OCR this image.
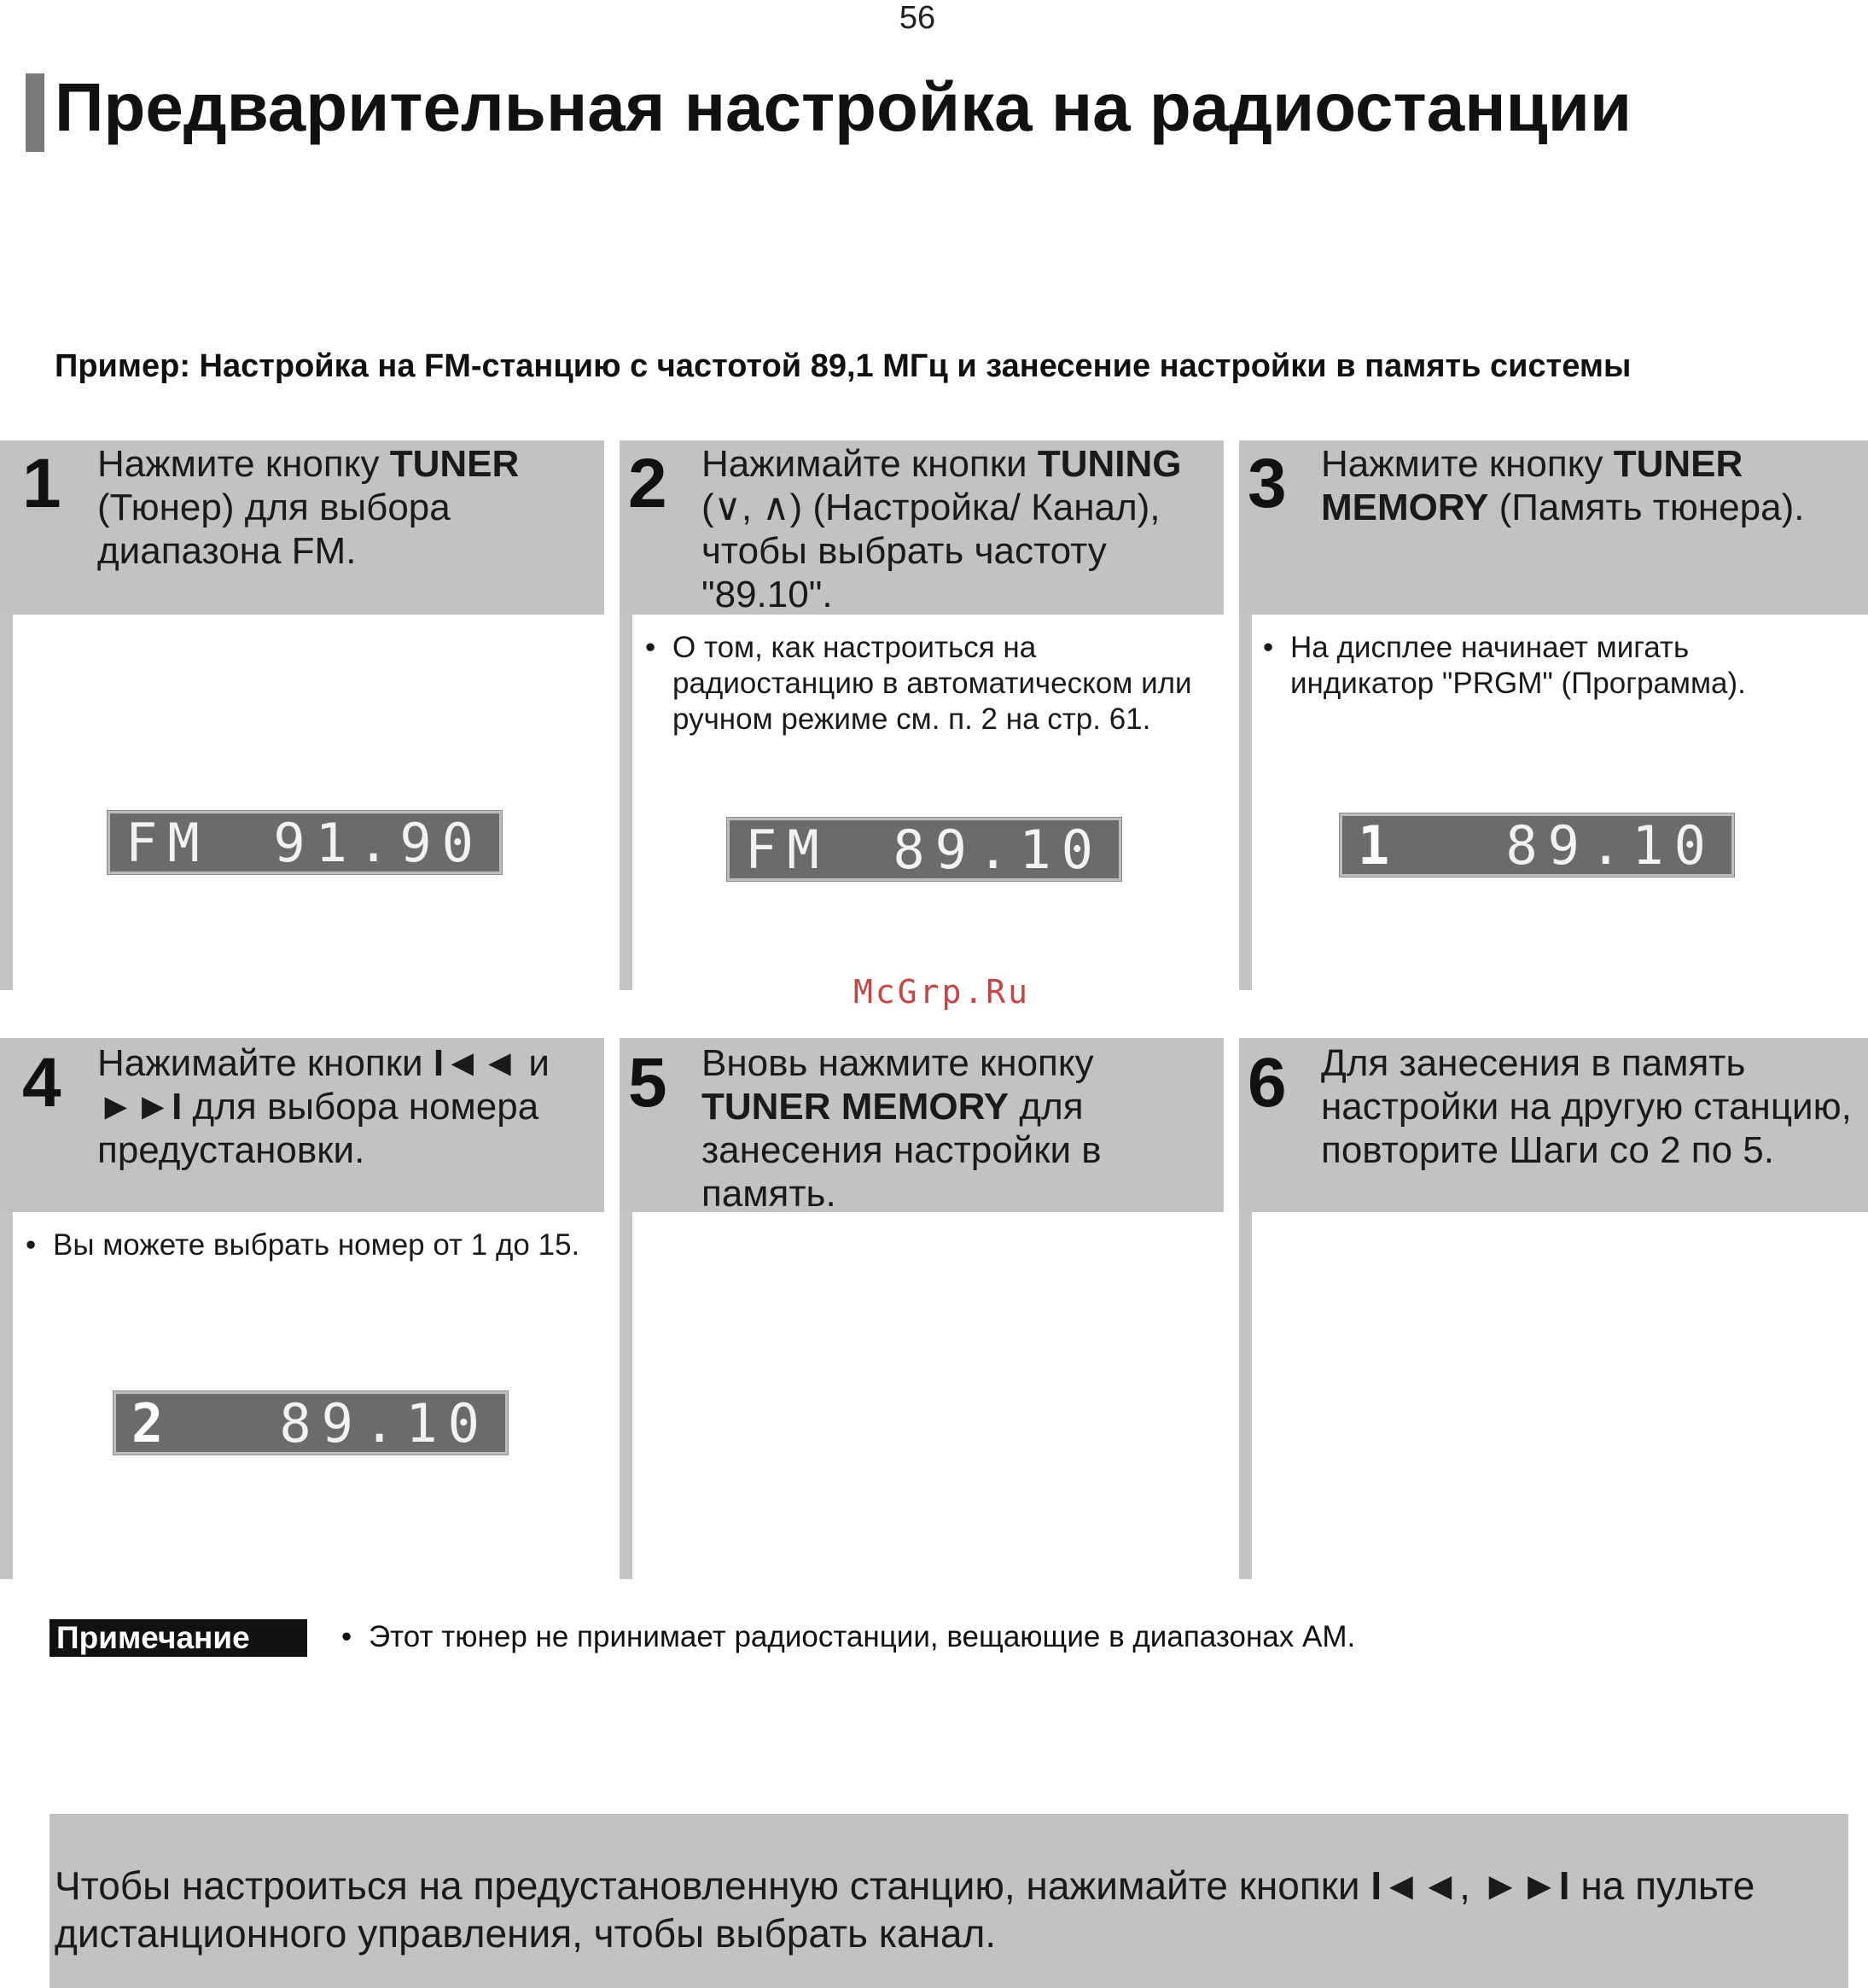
56
Предварительная настройка на радиостанции
Пример: Настройка на FM-станцию с частотой 89,1 МГц и занесение настройки в память системы
1 Нажмите кнопку TUNER (Тюнер) для выбора диапазона FM.
FM 91.90
2 Нажимайте кнопки TUNING (∨, ∧) (Настройка/ Канал), чтобы выбрать частоту "89.10".
• О том, как настроиться на радиостанцию в автоматическом или ручном режиме см. п. 2 на стр. 61.
FM 89.10
3 Нажмите кнопку TUNER MEMORY (Память тюнера).
• На дисплее начинает мигать индикатор "PRGM" (Программа).
1 89.10
McGrp.Ru
4 Нажимайте кнопки I◄◄ и ►►I для выбора номера предустановки.
• Вы можете выбрать номер от 1 до 15.
2 89.10
5 Вновь нажмите кнопку TUNER MEMORY для занесения настройки в память.
6 Для занесения в память настройки на другую станцию, повторите Шаги со 2 по 5.
Примечание
•	Этот тюнер не принимает радиостанции, вещающие в диапазонах AM.
Чтобы настроиться на предустановленную станцию, нажимайте кнопки I◄◄, ►►I на пульте дистанционного управления, чтобы выбрать канал.
